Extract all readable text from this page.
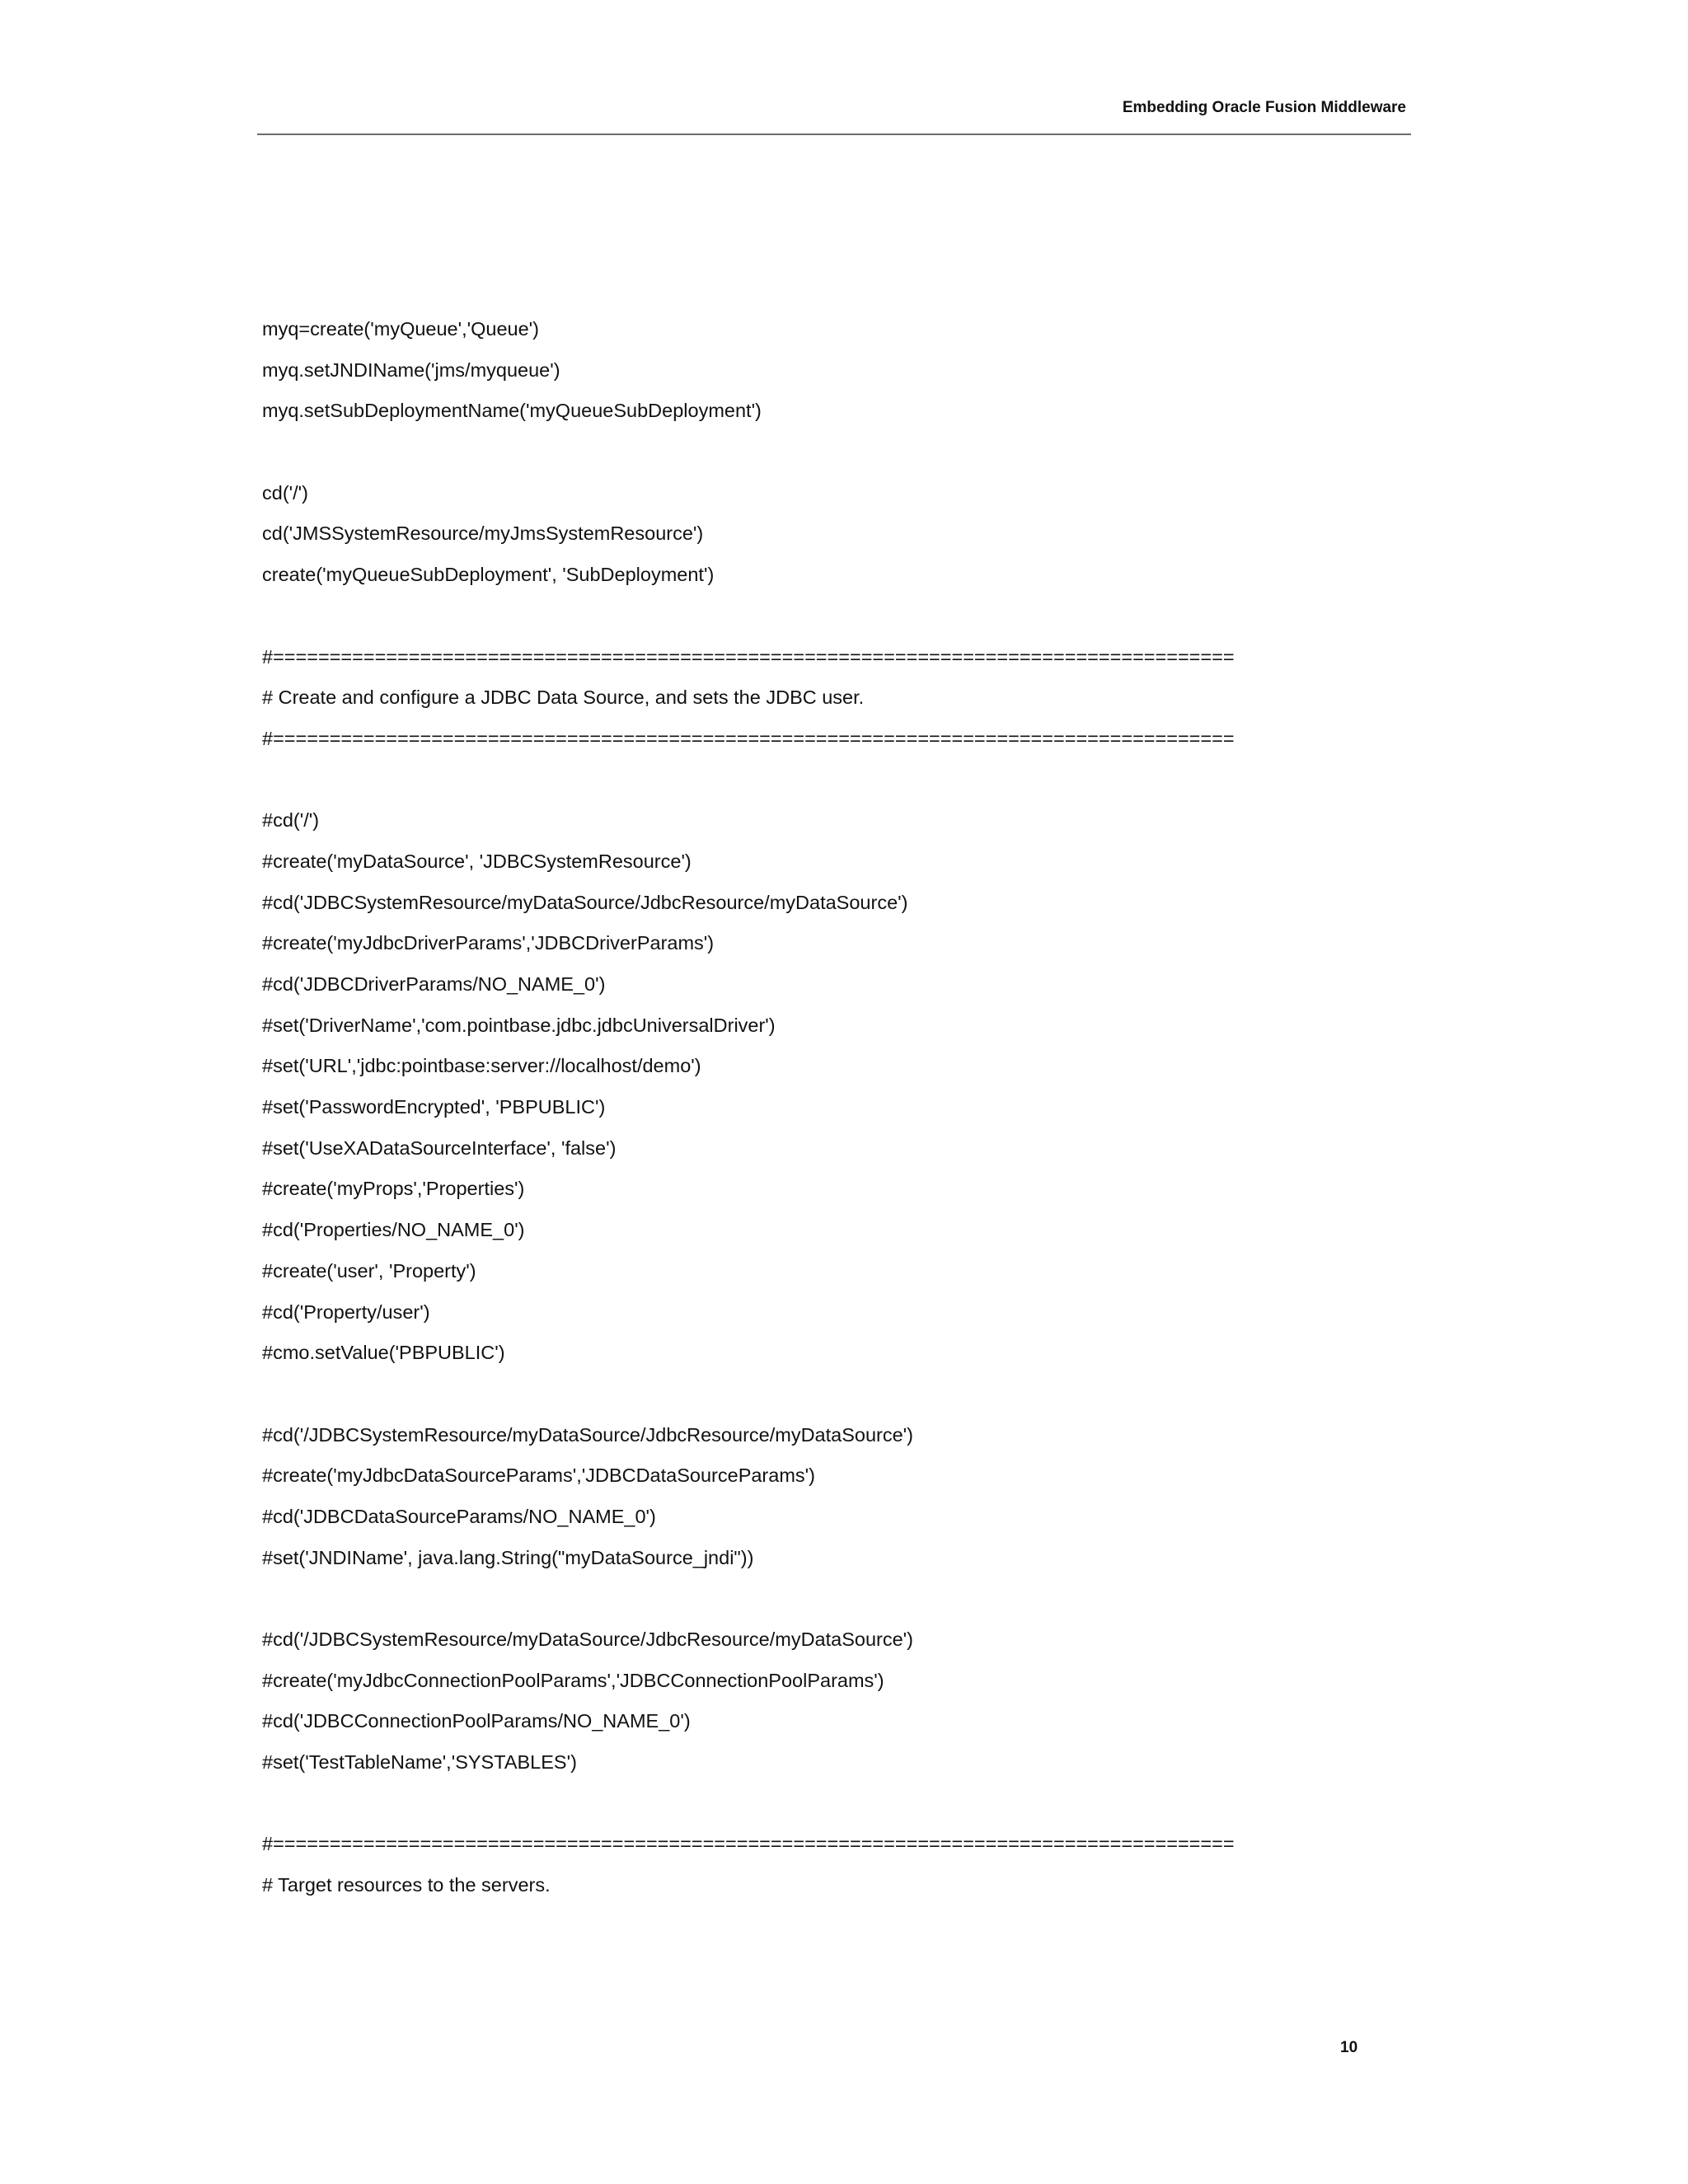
Embedding Oracle Fusion Middleware
myq=create('myQueue','Queue')
myq.setJNDIName('jms/myqueue')
myq.setSubDeploymentName('myQueueSubDeployment')
cd('/')
cd('JMSSystemResource/myJmsSystemResource')
create('myQueueSubDeployment', 'SubDeployment')
#=====================================================================================
# Create and configure a JDBC Data Source, and sets the JDBC user.
#=====================================================================================
#cd('/')
#create('myDataSource', 'JDBCSystemResource')
#cd('JDBCSystemResource/myDataSource/JdbcResource/myDataSource')
#create('myJdbcDriverParams','JDBCDriverParams')
#cd('JDBCDriverParams/NO_NAME_0')
#set('DriverName','com.pointbase.jdbc.jdbcUniversalDriver')
#set('URL','jdbc:pointbase:server://localhost/demo')
#set('PasswordEncrypted', 'PBPUBLIC')
#set('UseXADataSourceInterface', 'false')
#create('myProps','Properties')
#cd('Properties/NO_NAME_0')
#create('user', 'Property')
#cd('Property/user')
#cmo.setValue('PBPUBLIC')
#cd('/JDBCSystemResource/myDataSource/JdbcResource/myDataSource')
#create('myJdbcDataSourceParams','JDBCDataSourceParams')
#cd('JDBCDataSourceParams/NO_NAME_0')
#set('JNDIName', java.lang.String("myDataSource_jndi"))
#cd('/JDBCSystemResource/myDataSource/JdbcResource/myDataSource')
#create('myJdbcConnectionPoolParams','JDBCConnectionPoolParams')
#cd('JDBCConnectionPoolParams/NO_NAME_0')
#set('TestTableName','SYSTABLES')
#=====================================================================================
# Target resources to the servers.
10
